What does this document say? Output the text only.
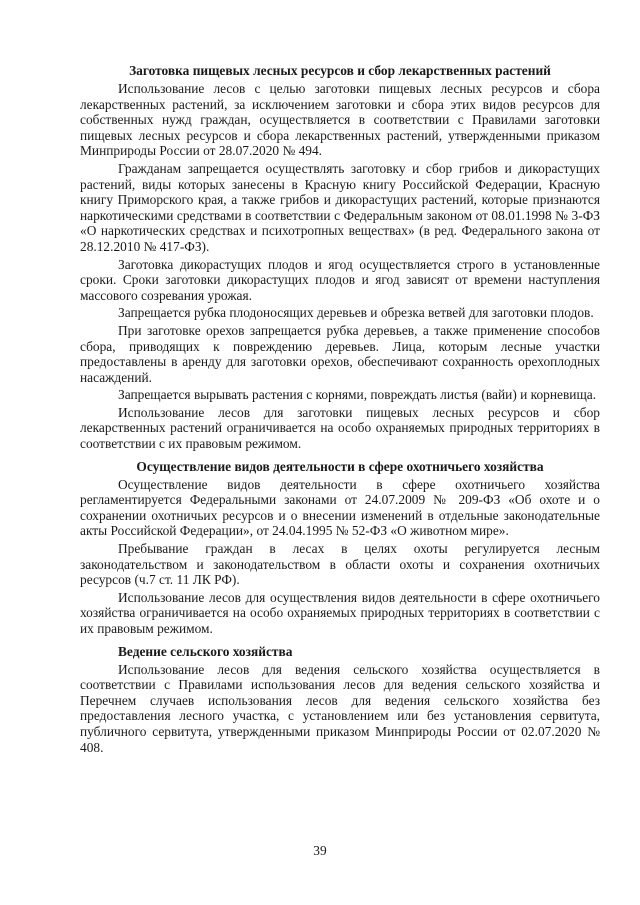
Заготовка пищевых лесных ресурсов и сбор лекарственных растений

Использование лесов с целью заготовки пищевых лесных ресурсов и сбора лекарственных растений, за исключением заготовки и сбора этих видов ресурсов для собственных нужд граждан, осуществляется в соответствии с Правилами заготовки пищевых лесных ресурсов и сбора лекарственных растений, утвержденными приказом Минприроды России от 28.07.2020 № 494.

Гражданам запрещается осуществлять заготовку и сбор грибов и дикорастущих растений, виды которых занесены в Красную книгу Российской Федерации, Красную книгу Приморского края, а также грибов и дикорастущих растений, которые признаются наркотическими средствами в соответствии с Федеральным законом от 08.01.1998 № 3-ФЗ «О наркотических средствах и психотропных веществах» (в ред. Федерального закона от 28.12.2010 № 417-ФЗ).

Заготовка дикорастущих плодов и ягод осуществляется строго в установленные сроки. Сроки заготовки дикорастущих плодов и ягод зависят от времени наступления массового созревания урожая.

Запрещается рубка плодоносящих деревьев и обрезка ветвей для заготовки плодов.

При заготовке орехов запрещается рубка деревьев, а также применение способов сбора, приводящих к повреждению деревьев. Лица, которым лесные участки предоставлены в аренду для заготовки орехов, обеспечивают сохранность орехоплодных насаждений.

Запрещается вырывать растения с корнями, повреждать листья (вайи) и корневища.

Использование лесов для заготовки пищевых лесных ресурсов и сбор лекарственных растений ограничивается на особо охраняемых природных территориях в соответствии с их правовым режимом.

Осуществление видов деятельности в сфере охотничьего хозяйства

Осуществление видов деятельности в сфере охотничьего хозяйства регламентируется Федеральными законами от 24.07.2009 № 209-ФЗ «Об охоте и о сохранении охотничьих ресурсов и о внесении изменений в отдельные законодательные акты Российской Федерации», от 24.04.1995 № 52-ФЗ «О животном мире».

Пребывание граждан в лесах в целях охоты регулируется лесным законодательством и законодательством в области охоты и сохранения охотничьих ресурсов (ч.7 ст. 11 ЛК РФ).

Использование лесов для осуществления видов деятельности в сфере охотничьего хозяйства ограничивается на особо охраняемых природных территориях в соответствии с их правовым режимом.

Ведение сельского хозяйства

Использование лесов для ведения сельского хозяйства осуществляется в соответствии с Правилами использования лесов для ведения сельского хозяйства и Перечнем случаев использования лесов для ведения сельского хозяйства без предоставления лесного участка, с установлением или без установления сервитута, публичного сервитута, утвержденными приказом Минприроды России от 02.07.2020 № 408.

39
